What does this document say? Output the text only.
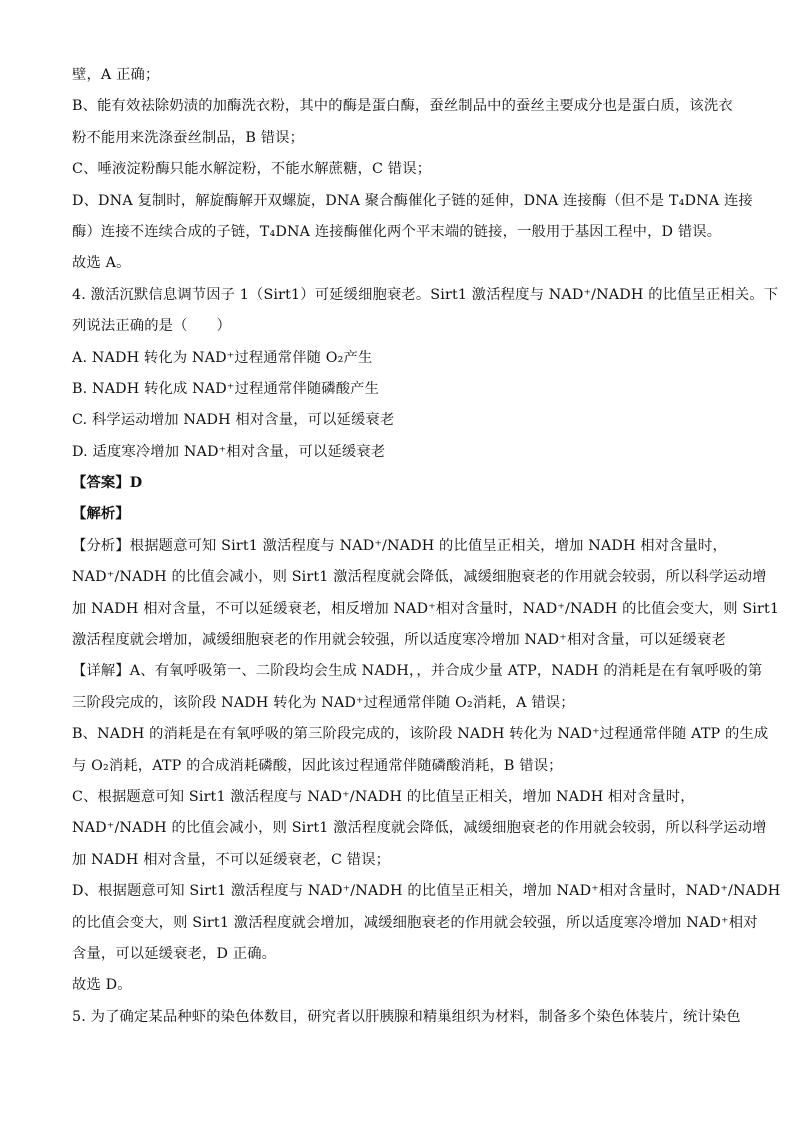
壁，A 正确；
B、能有效祛除奶渍的加酶洗衣粉，其中的酶是蛋白酶，蚕丝制品中的蚕丝主要成分也是蛋白质，该洗衣
粉不能用来洗涤蚕丝制品，B 错误；
C、唾液淀粉酶只能水解淀粉，不能水解蔗糖，C 错误；
D、DNA 复制时，解旋酶解开双螺旋，DNA 聚合酶催化子链的延伸，DNA 连接酶（但不是 T₄DNA 连接
酶）连接不连续合成的子链，T₄DNA 连接酶催化两个平末端的链接，一般用于基因工程中，D 错误。
故选 A。
4. 激活沉默信息调节因子 1（Sirt1）可延缓细胞衰老。Sirt1 激活程度与 NAD⁺/NADH 的比值呈正相关。下
列说法正确的是（　　）
A. NADH 转化为 NAD⁺过程通常伴随 O₂产生
B. NADH 转化成 NAD⁺过程通常伴随磷酸产生
C. 科学运动增加 NADH 相对含量，可以延缓衰老
D. 适度寒冷增加 NAD⁺相对含量，可以延缓衰老
【答案】D
【解析】
【分析】根据题意可知 Sirt1 激活程度与 NAD⁺/NADH 的比值呈正相关，增加 NADH 相对含量时，
NAD⁺/NADH 的比值会减小，则 Sirt1 激活程度就会降低，减缓细胞衰老的作用就会较弱，所以科学运动增
加 NADH 相对含量，不可以延缓衰老，相反增加 NAD⁺相对含量时，NAD⁺/NADH 的比值会变大，则 Sirt1
激活程度就会增加，减缓细胞衰老的作用就会较强，所以适度寒冷增加 NAD⁺相对含量，可以延缓衰老
【详解】A、有氧呼吸第一、二阶段均会生成 NADH，，并合成少量 ATP，NADH 的消耗是在有氧呼吸的第
三阶段完成的，该阶段 NADH 转化为 NAD⁺过程通常伴随 O₂消耗，A 错误；
B、NADH 的消耗是在有氧呼吸的第三阶段完成的，该阶段 NADH 转化为 NAD⁺过程通常伴随 ATP 的生成
与 O₂消耗，ATP 的合成消耗磷酸，因此该过程通常伴随磷酸消耗，B 错误；
C、根据题意可知 Sirt1 激活程度与 NAD⁺/NADH 的比值呈正相关，增加 NADH 相对含量时，
NAD⁺/NADH 的比值会减小，则 Sirt1 激活程度就会降低，减缓细胞衰老的作用就会较弱，所以科学运动增
加 NADH 相对含量，不可以延缓衰老，C 错误；
D、根据题意可知 Sirt1 激活程度与 NAD⁺/NADH 的比值呈正相关，增加 NAD⁺相对含量时，NAD⁺/NADH
的比值会变大，则 Sirt1 激活程度就会增加，减缓细胞衰老的作用就会较强，所以适度寒冷增加 NAD⁺相对
含量，可以延缓衰老，D 正确。
故选 D。
5. 为了确定某品种虾的染色体数目，研究者以肝胰腺和精巢组织为材料，制备多个染色体装片，统计染色
